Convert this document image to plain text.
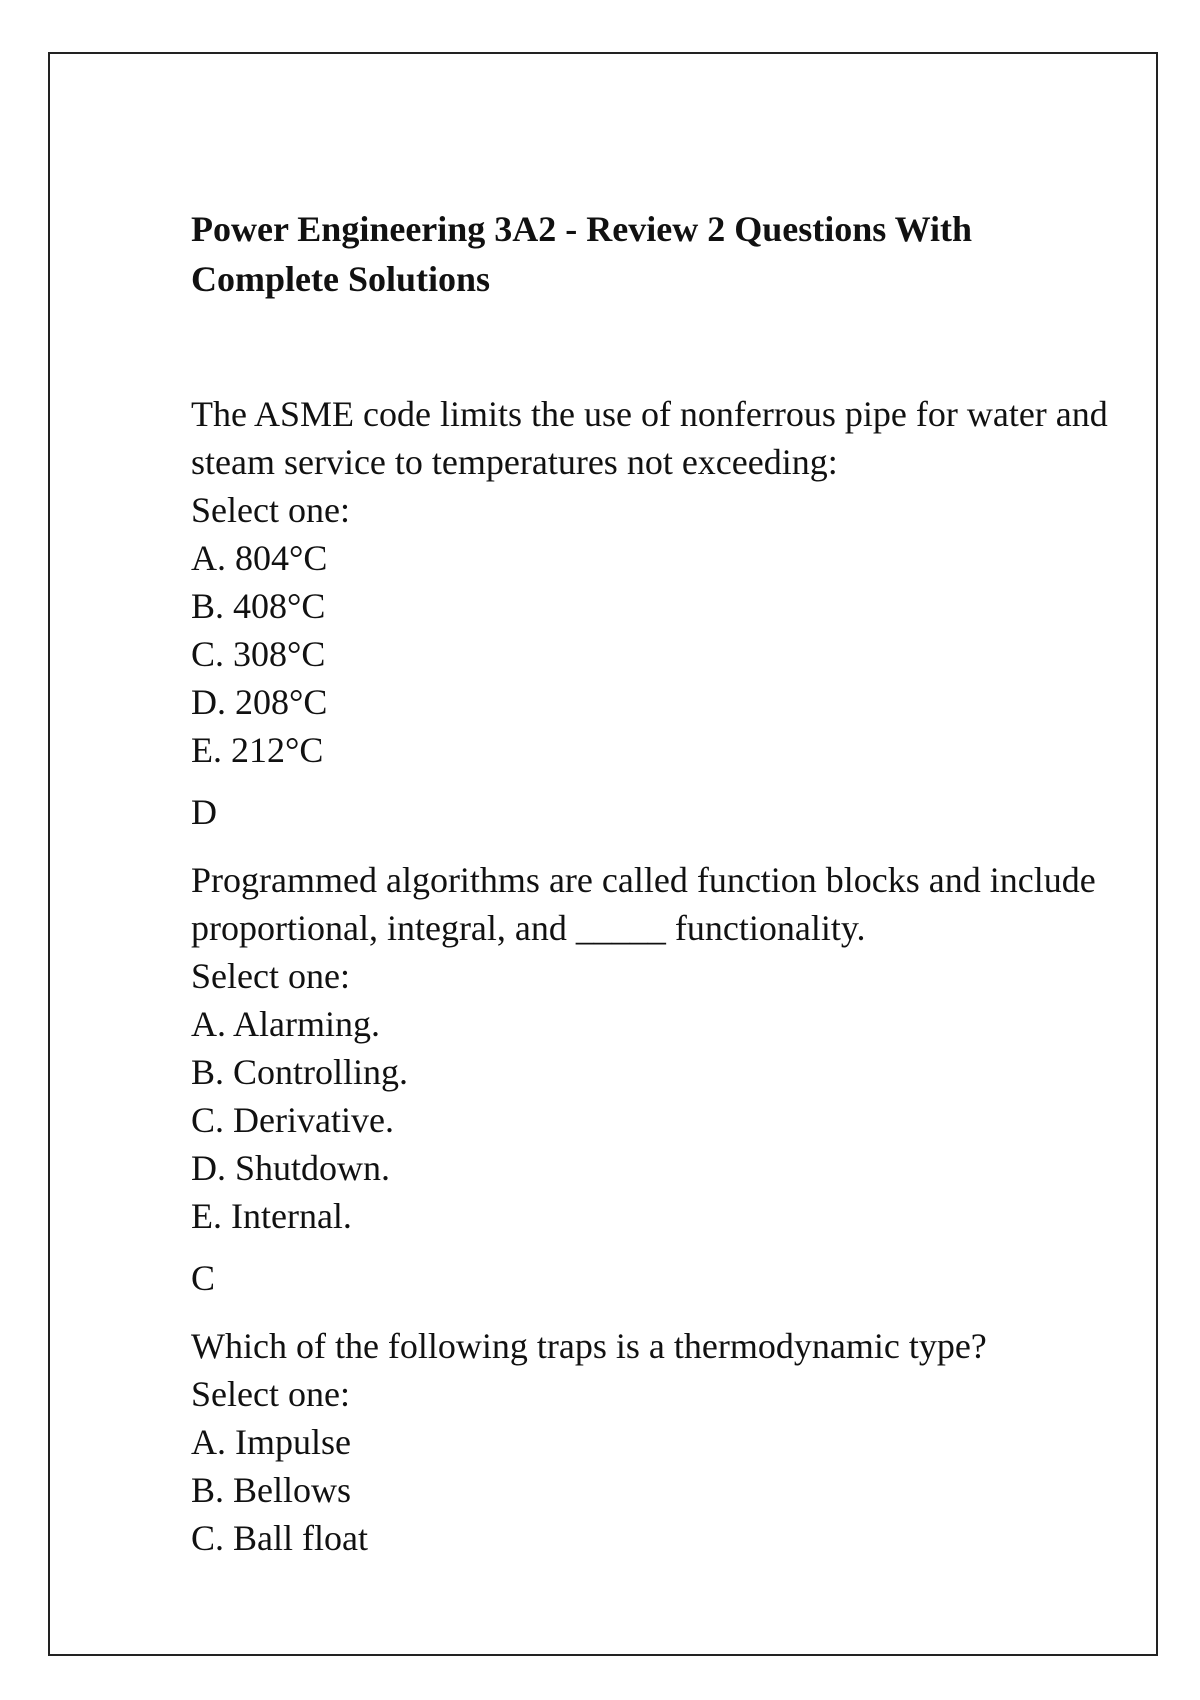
Power Engineering 3A2 - Review 2 Questions With Complete Solutions

The ASME code limits the use of nonferrous pipe for water and steam service to temperatures not exceeding:

Select one:

A. 804°C
B. 408°C
C. 308°C
D. 208°C
E. 212°C

D

Programmed algorithms are called function blocks and include proportional, integral, and _____ functionality.

Select one:

A. Alarming.
B. Controlling.
C. Derivative.
D. Shutdown.
E. Internal.

C

Which of the following traps is a thermodynamic type?

Select one:

A. Impulse
B. Bellows
C. Ball float
